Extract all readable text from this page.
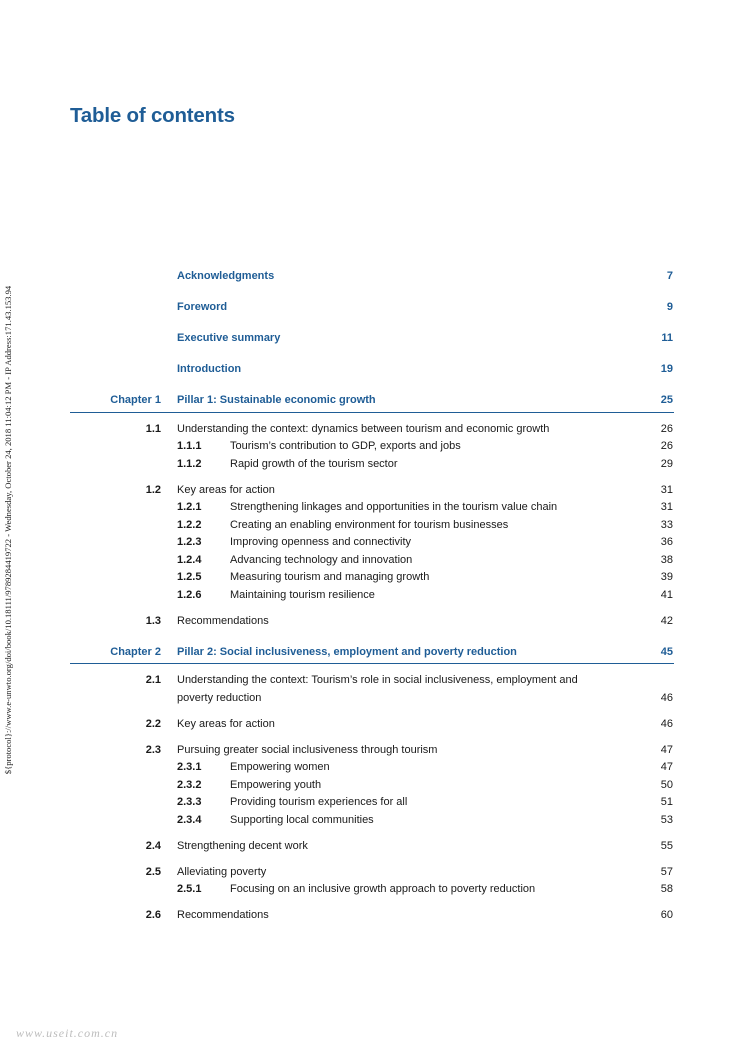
Table of contents
${protocol}://www.e-unwto.org/doi/book/10.18111/9789284419722 - Wednesday, October 24, 2018 11:04:12 PM - IP Address:171.43.153.94
Acknowledgments	7
Foreword	9
Executive summary	11
Introduction	19
Chapter 1 Pillar 1: Sustainable economic growth	25
1.1 Understanding the context: dynamics between tourism and economic growth	26
1.1.1	Tourism’s contribution to GDP, exports and jobs	26
1.1.2	Rapid growth of the tourism sector	29
1.2 Key areas for action	31
1.2.1	Strengthening linkages and opportunities in the tourism value chain	31
1.2.2	Creating an enabling environment for tourism businesses	33
1.2.3	Improving openness and connectivity	36
1.2.4	Advancing technology and innovation	38
1.2.5	Measuring tourism and managing growth	39
1.2.6	Maintaining tourism resilience	41
1.3 Recommendations	42
Chapter 2 Pillar 2: Social inclusiveness, employment and poverty reduction	45
2.1 Understanding the context: Tourism’s role in social inclusiveness, employment and poverty reduction	46
2.2 Key areas for action	46
2.3 Pursuing greater social inclusiveness through tourism	47
2.3.1	Empowering women	47
2.3.2	Empowering youth	50
2.3.3	Providing tourism experiences for all	51
2.3.4	Supporting local communities	53
2.4 Strengthening decent work	55
2.5 Alleviating poverty	57
2.5.1	Focusing on an inclusive growth approach to poverty reduction	58
2.6 Recommendations	60
www.useit.com.cn
